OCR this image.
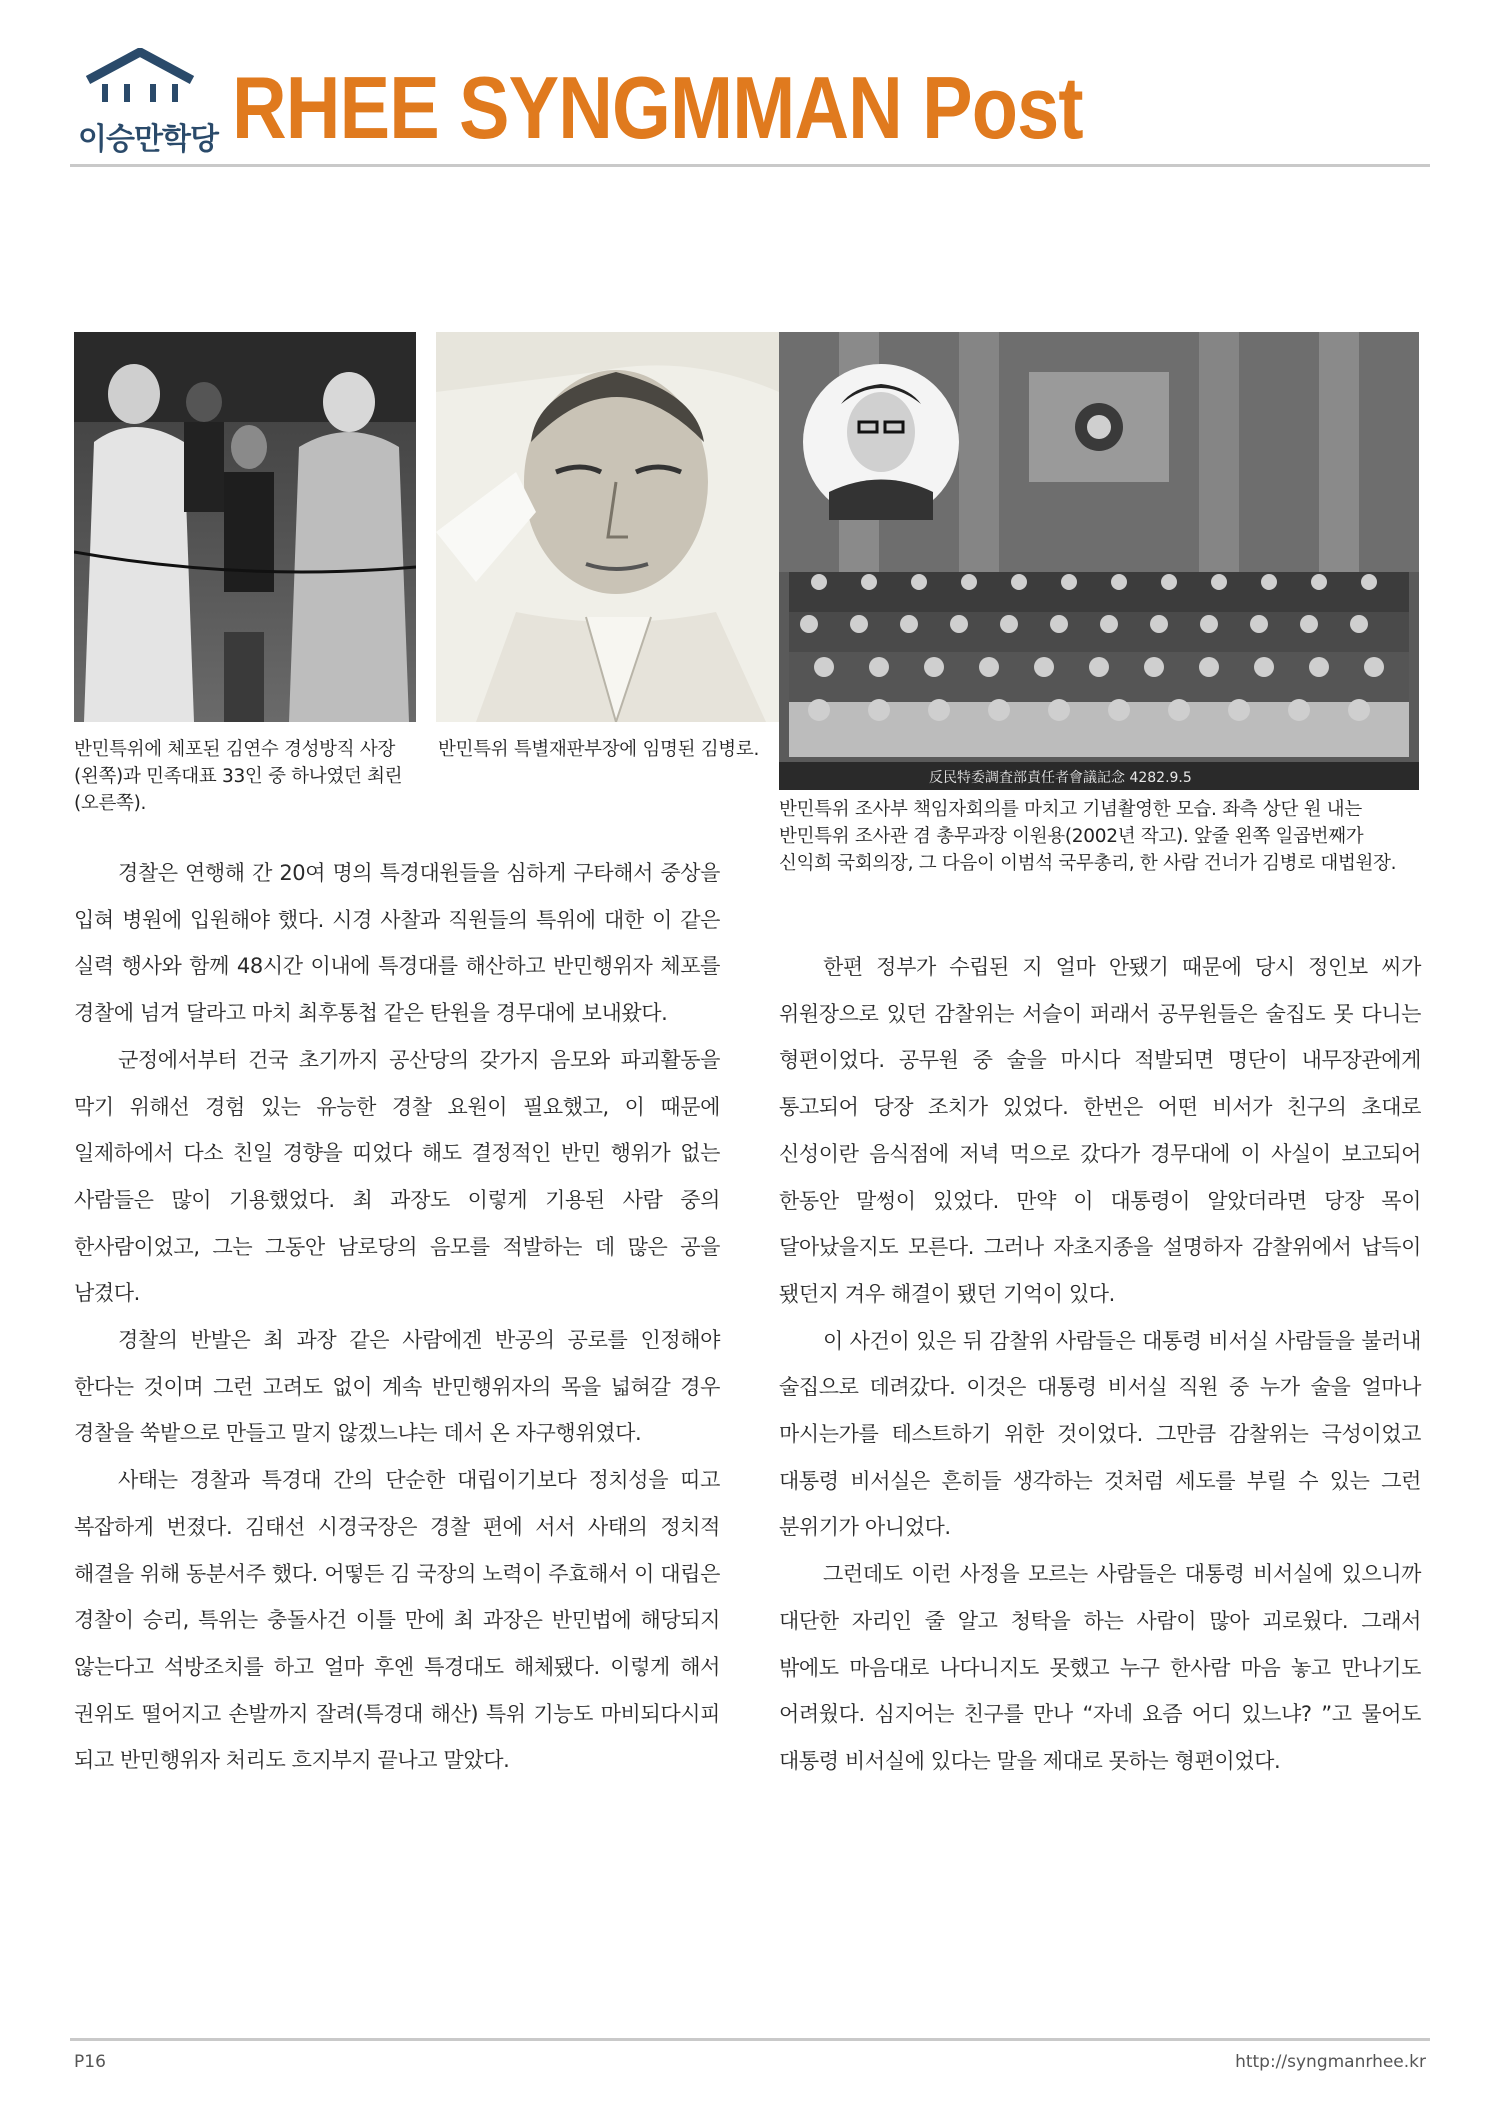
이승만학당 RHEE SYNGMMAN Post
反民特委調査部責任者會議記念 4282.9.5
반민특위에 체포된 김연수 경성방직 사장(왼쪽)과 민족대표 33인 중 하나였던 최린(오른쪽).
반민특위 특별재판부장에 임명된 김병로.
반민특위 조사부 책임자회의를 마치고 기념촬영한 모습. 좌측 상단 원 내는 반민특위 조사관 겸 총무과장 이원용(2002년 작고). 앞줄 왼쪽 일곱번째가 신익희 국회의장, 그 다음이 이범석 국무총리, 한 사람 건너가 김병로 대법원장.

경찰은 연행해 간 20여 명의 특경대원들을 심하게 구타해서 중상을 입혀 병원에 입원해야 했다. 시경 사찰과 직원들의 특위에 대한 이 같은 실력 행사와 함께 48시간 이내에 특경대를 해산하고 반민행위자 체포를 경찰에 넘겨 달라고 마치 최후통첩 같은 탄원을 경무대에 보내왔다.

군정에서부터 건국 초기까지 공산당의 갖가지 음모와 파괴활동을 막기 위해선 경험 있는 유능한 경찰 요원이 필요했고, 이 때문에 일제하에서 다소 친일 경향을 띠었다 해도 결정적인 반민 행위가 없는 사람들은 많이 기용했었다. 최 과장도 이렇게 기용된 사람 중의 한사람이었고, 그는 그동안 남로당의 음모를 적발하는 데 많은 공을 남겼다.

경찰의 반발은 최 과장 같은 사람에겐 반공의 공로를 인정해야 한다는 것이며 그런 고려도 없이 계속 반민행위자의 목을 넓혀갈 경우 경찰을 쑥밭으로 만들고 말지 않겠느냐는 데서 온 자구행위였다.

사태는 경찰과 특경대 간의 단순한 대립이기보다 정치성을 띠고 복잡하게 번졌다. 김태선 시경국장은 경찰 편에 서서 사태의 정치적 해결을 위해 동분서주 했다. 어떻든 김 국장의 노력이 주효해서 이 대립은 경찰이 승리, 특위는 충돌사건 이틀 만에 최 과장은 반민법에 해당되지 않는다고 석방조치를 하고 얼마 후엔 특경대도 해체됐다. 이렇게 해서 권위도 떨어지고 손발까지 잘려(특경대 해산) 특위 기능도 마비되다시피 되고 반민행위자 처리도 흐지부지 끝나고 말았다.

한편 정부가 수립된 지 얼마 안됐기 때문에 당시 정인보 씨가 위원장으로 있던 감찰위는 서슬이 퍼래서 공무원들은 술집도 못 다니는 형편이었다. 공무원 중 술을 마시다 적발되면 명단이 내무장관에게 통고되어 당장 조치가 있었다. 한번은 어떤 비서가 친구의 초대로 신성이란 음식점에 저녁 먹으로 갔다가 경무대에 이 사실이 보고되어 한동안 말썽이 있었다. 만약 이 대통령이 알았더라면 당장 목이 달아났을지도 모른다. 그러나 자초지종을 설명하자 감찰위에서 납득이 됐던지 겨우 해결이 됐던 기억이 있다.

이 사건이 있은 뒤 감찰위 사람들은 대통령 비서실 사람들을 불러내 술집으로 데려갔다. 이것은 대통령 비서실 직원 중 누가 술을 얼마나 마시는가를 테스트하기 위한 것이었다. 그만큼 감찰위는 극성이었고 대통령 비서실은 흔히들 생각하는 것처럼 세도를 부릴 수 있는 그런 분위기가 아니었다.

그런데도 이런 사정을 모르는 사람들은 대통령 비서실에 있으니까 대단한 자리인 줄 알고 청탁을 하는 사람이 많아 괴로웠다. 그래서 밖에도 마음대로 나다니지도 못했고 누구 한사람 마음 놓고 만나기도 어려웠다. 심지어는 친구를 만나 “자네 요즘 어디 있느냐? ”고 물어도 대통령 비서실에 있다는 말을 제대로 못하는 형편이었다.

P16	http://syngmanrhee.kr
